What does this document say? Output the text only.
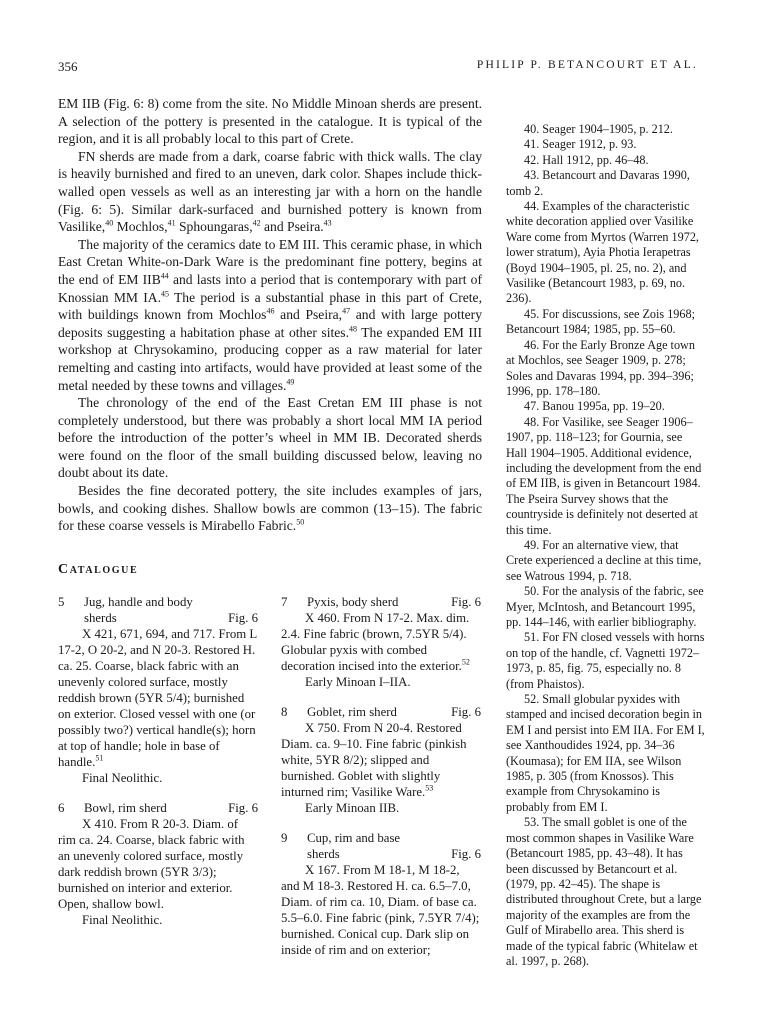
356	PHILIP P. BETANCOURT ET AL.

EM IIB (Fig. 6: 8) come from the site. No Middle Minoan sherds are present. A selection of the pottery is presented in the catalogue. It is typical of the region, and it is all probably local to this part of Crete.

FN sherds are made from a dark, coarse fabric with thick walls. The clay is heavily burnished and fired to an uneven, dark color. Shapes include thick-walled open vessels as well as an interesting jar with a horn on the handle (Fig. 6: 5). Similar dark-surfaced and burnished pottery is known from Vasilike,$^{40}$ Mochlos,$^{41}$ Sphoungaras,$^{42}$ and Pseira.$^{43}$

The majority of the ceramics date to EM III. This ceramic phase, in which East Cretan White-on-Dark Ware is the predominant fine pottery, begins at the end of EM IIB$^{44}$ and lasts into a period that is contemporary with part of Knossian MM IA.$^{45}$ The period is a substantial phase in this part of Crete, with buildings known from Mochlos$^{46}$ and Pseira,$^{47}$ and with large pottery deposits suggesting a habitation phase at other sites.$^{48}$ The expanded EM III workshop at Chrysokamino, producing copper as a raw material for later remelting and casting into artifacts, would have provided at least some of the metal needed by these towns and villages.$^{49}$

The chronology of the end of the East Cretan EM III phase is not completely understood, but there was probably a short local MM IA period before the introduction of the potter’s wheel in MM IB. Decorated sherds were found on the floor of the small building discussed below, leaving no doubt about its date.

Besides the fine decorated pottery, the site includes examples of jars, bowls, and cooking dishes. Shallow bowls are common (13–15). The fabric for these coarse vessels is Mirabello Fabric.$^{50}$

Catalogue
5 Jug, handle and body sherds	Fig. 6

X 421, 671, 694, and 717. From L 17-2, O 20-2, and N 20-3. Restored H. ca. 25. Coarse, black fabric with an unevenly colored surface, mostly reddish brown (5YR 5/4); burnished on exterior. Closed vessel with one (or possibly two?) vertical handle(s); horn at top of handle; hole in base of handle.$^{51}$

Final Neolithic.
6 Bowl, rim sherd	Fig. 6

X 410. From R 20-3. Diam. of rim ca. 24. Coarse, black fabric with an unevenly colored surface, mostly dark reddish brown (5YR 3/3); burnished on interior and exterior. Open, shallow bowl.

Final Neolithic.
7 Pyxis, body sherd	Fig. 6

X 460. From N 17-2. Max. dim. 2.4. Fine fabric (brown, 7.5YR 5/4). Globular pyxis with combed decoration incised into the exterior.$^{52}$

Early Minoan I–IIA.
8 Goblet, rim sherd	Fig. 6

X 750. From N 20-4. Restored Diam. ca. 9–10. Fine fabric (pinkish white, 5YR 8/2); slipped and burnished. Goblet with slightly inturned rim; Vasilike Ware.$^{53}$

Early Minoan IIB.
9 Cup, rim and base sherds	Fig. 6

X 167. From M 18-1, M 18-2, and M 18-3. Restored H. ca. 6.5–7.0, Diam. of rim ca. 10, Diam. of base ca. 5.5–6.0. Fine fabric (pink, 7.5YR 7/4); burnished. Conical cup. Dark slip on inside of rim and on exterior;

40. Seager 1904–1905, p. 212.

41. Seager 1912, p. 93.

42. Hall 1912, pp. 46–48.

43. Betancourt and Davaras 1990, tomb 2.

44. Examples of the characteristic white decoration applied over Vasilike Ware come from Myrtos (Warren 1972, lower stratum), Ayia Photia Ierapetras (Boyd 1904–1905, pl. 25, no. 2), and Vasilike (Betancourt 1983, p. 69, no. 236).

45. For discussions, see Zois 1968; Betancourt 1984; 1985, pp. 55–60.

46. For the Early Bronze Age town at Mochlos, see Seager 1909, p. 278; Soles and Davaras 1994, pp. 394–396; 1996, pp. 178–180.

47. Banou 1995a, pp. 19–20.

48. For Vasilike, see Seager 1906–1907, pp. 118–123; for Gournia, see Hall 1904–1905. Additional evidence, including the development from the end of EM IIB, is given in Betancourt 1984. The Pseira Survey shows that the countryside is definitely not deserted at this time.

49. For an alternative view, that Crete experienced a decline at this time, see Watrous 1994, p. 718.

50. For the analysis of the fabric, see Myer, McIntosh, and Betancourt 1995, pp. 144–146, with earlier bibliography.

51. For FN closed vessels with horns on top of the handle, cf. Vagnetti 1972–1973, p. 85, fig. 75, especially no. 8 (from Phaistos).

52. Small globular pyxides with stamped and incised decoration begin in EM I and persist into EM IIA. For EM I, see Xanthoudides 1924, pp. 34–36 (Koumasa); for EM IIA, see Wilson 1985, p. 305 (from Knossos). This example from Chrysokamino is probably from EM I.

53. The small goblet is one of the most common shapes in Vasilike Ware (Betancourt 1985, pp. 43–48). It has been discussed by Betancourt et al. (1979, pp. 42–45). The shape is distributed throughout Crete, but a large majority of the examples are from the Gulf of Mirabello area. This sherd is made of the typical fabric (Whitelaw et al. 1997, p. 268).
